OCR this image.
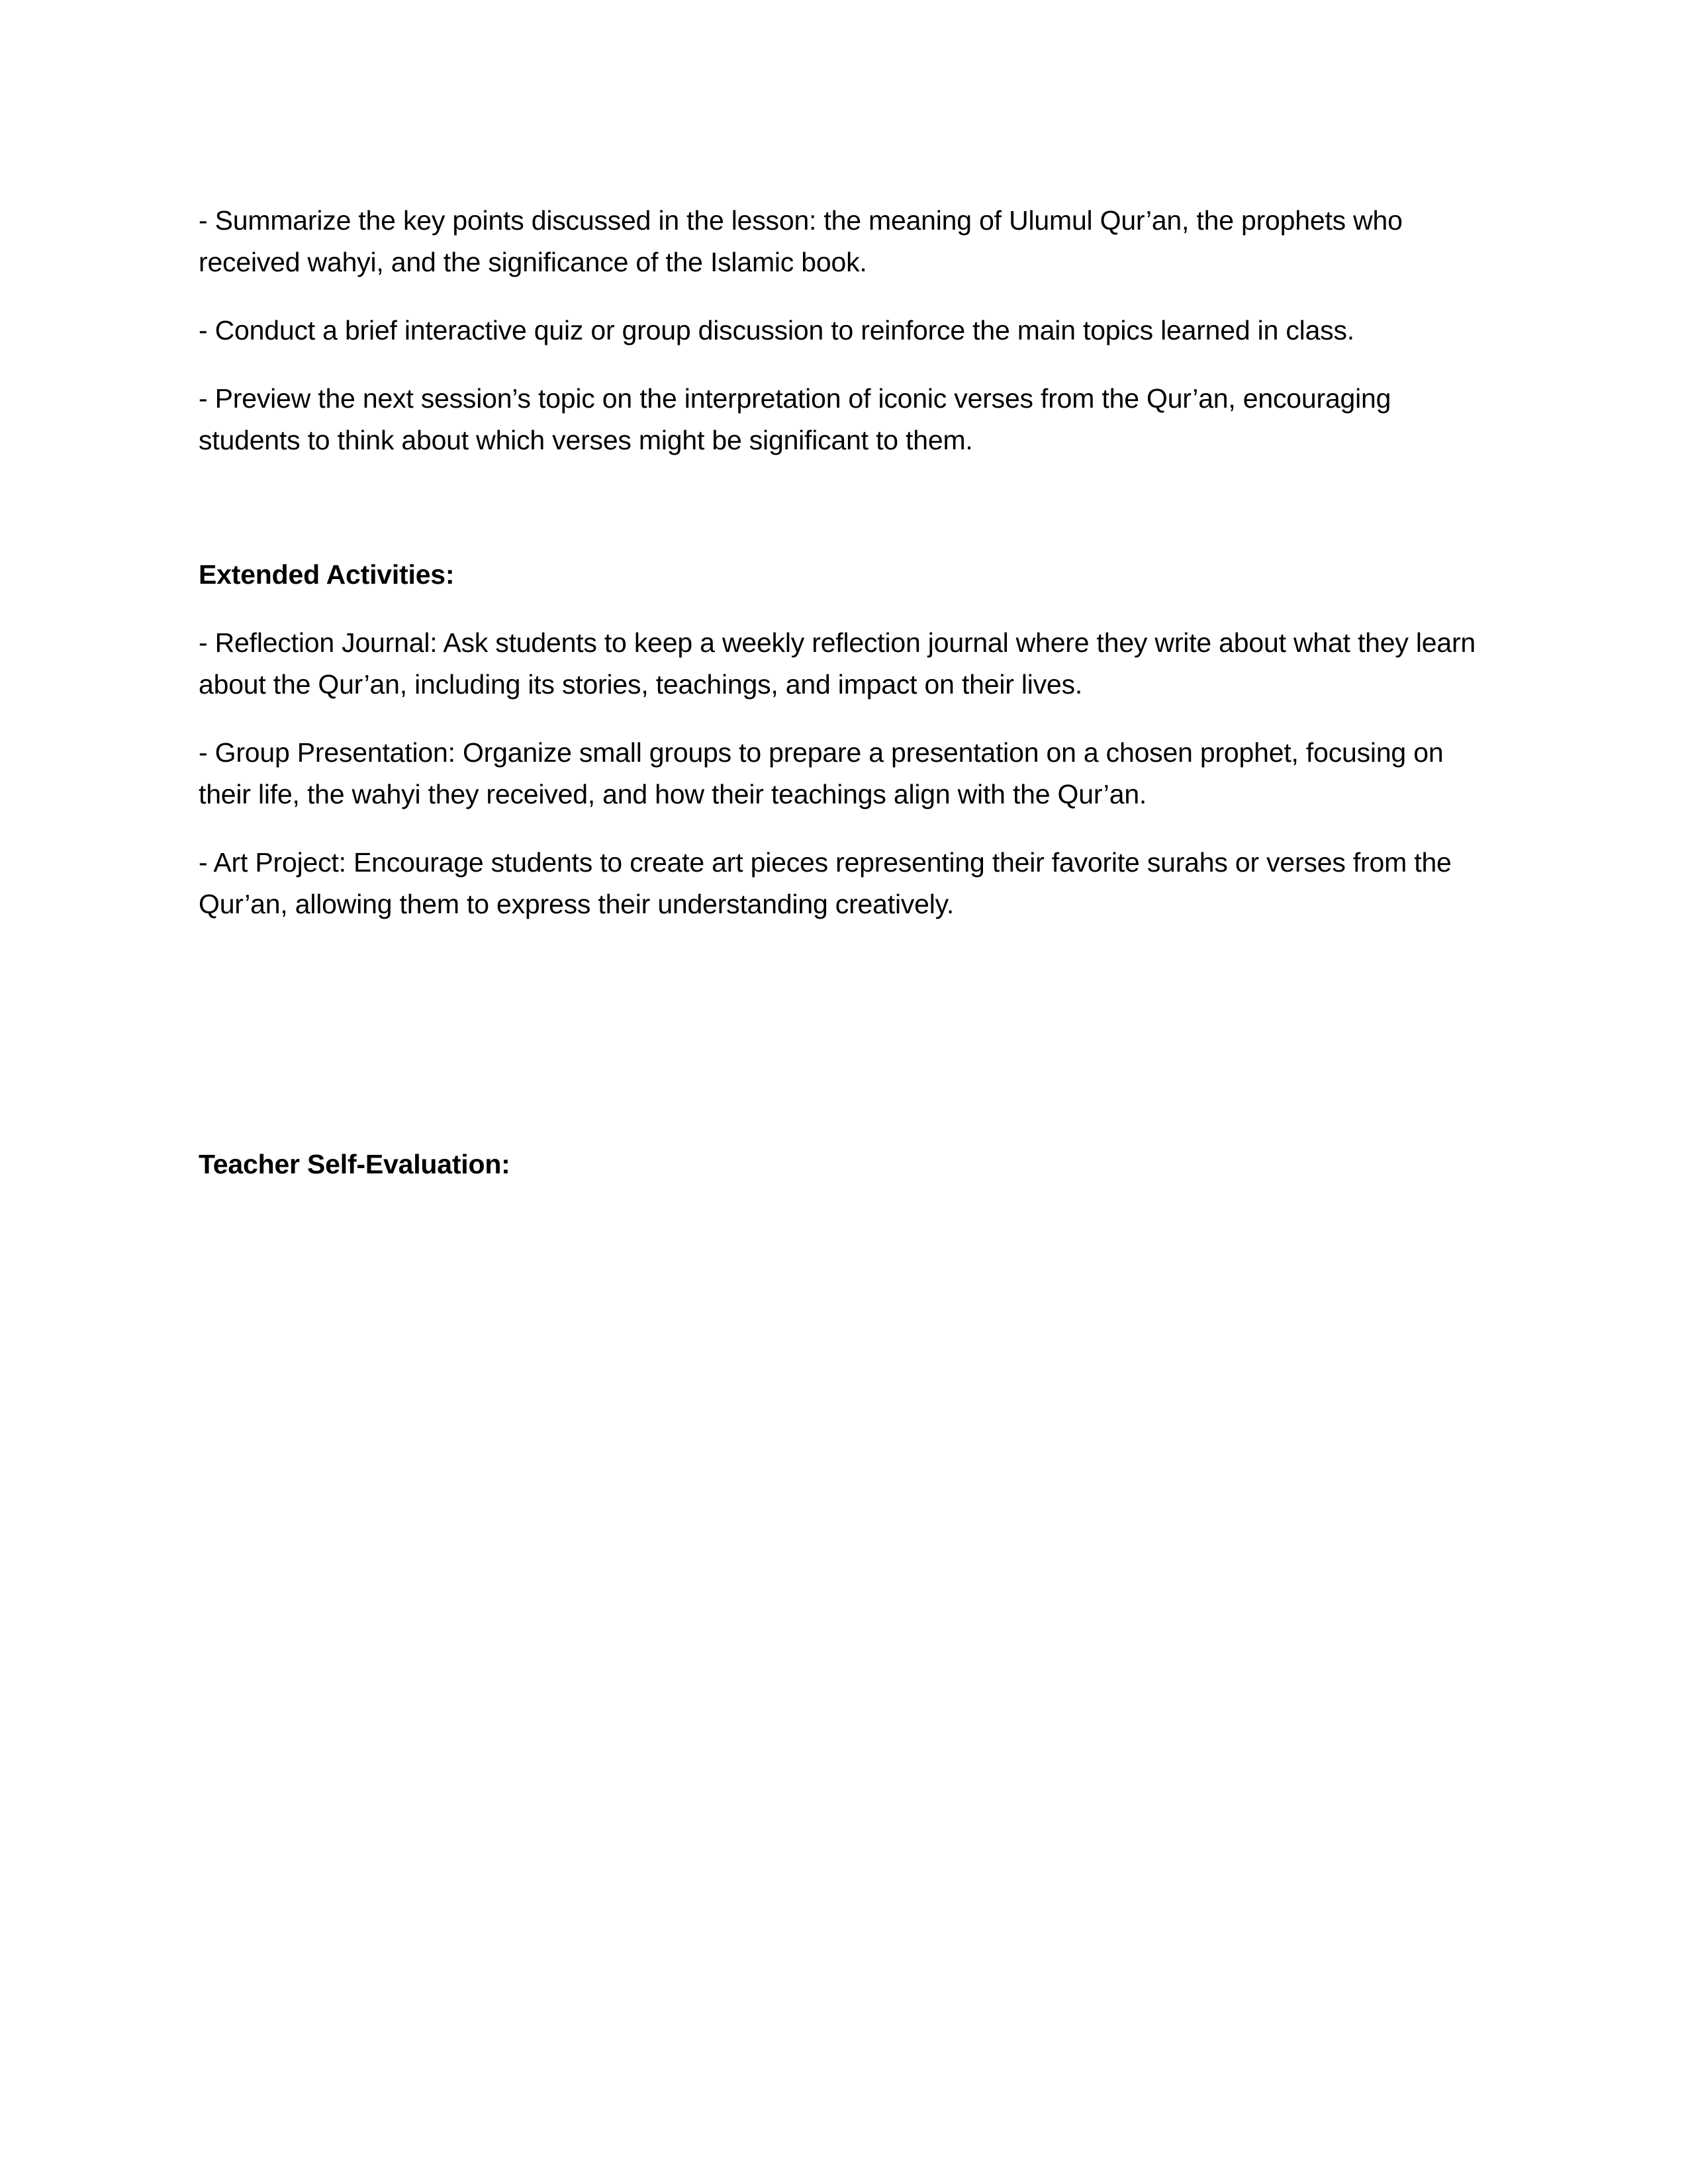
- Summarize the key points discussed in the lesson: the meaning of Ulumul Qur’an, the prophets who received wahyi, and the significance of the Islamic book.

- Conduct a brief interactive quiz or group discussion to reinforce the main topics learned in class.

- Preview the next session’s topic on the interpretation of iconic verses from the Qur’an, encouraging students to think about which verses might be significant to them.

Extended Activities:

- Reflection Journal: Ask students to keep a weekly reflection journal where they write about what they learn about the Qur’an, including its stories, teachings, and impact on their lives.

- Group Presentation: Organize small groups to prepare a presentation on a chosen prophet, focusing on their life, the wahyi they received, and how their teachings align with the Qur’an.

- Art Project: Encourage students to create art pieces representing their favorite surahs or verses from the Qur’an, allowing them to express their understanding creatively.

Teacher Self-Evaluation:
